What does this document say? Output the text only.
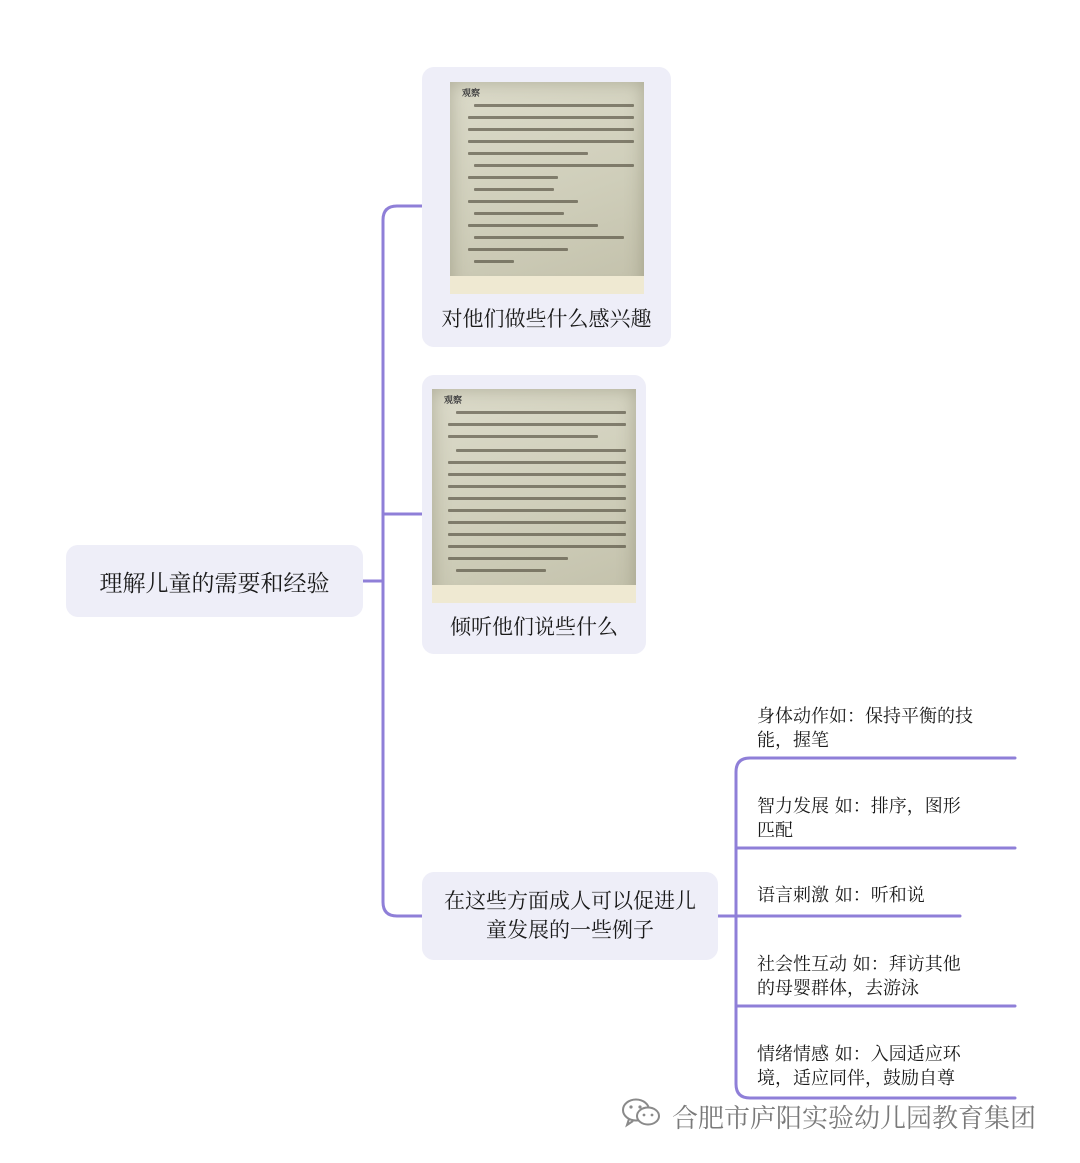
理解儿童的需要和经验
观察
对他们做些什么感兴趣
观察
倾听他们说些什么
在这些方面成人可以促进儿童发展的一些例子
身体动作如：保持平衡的技
能，握笔
智力发展 如：排序，图形
匹配
语言刺激 如：听和说
社会性互动 如：拜访其他
的母婴群体，去游泳
情绪情感 如：入园适应环
境，适应同伴，鼓励自尊
合肥市庐阳实验幼儿园教育集团
